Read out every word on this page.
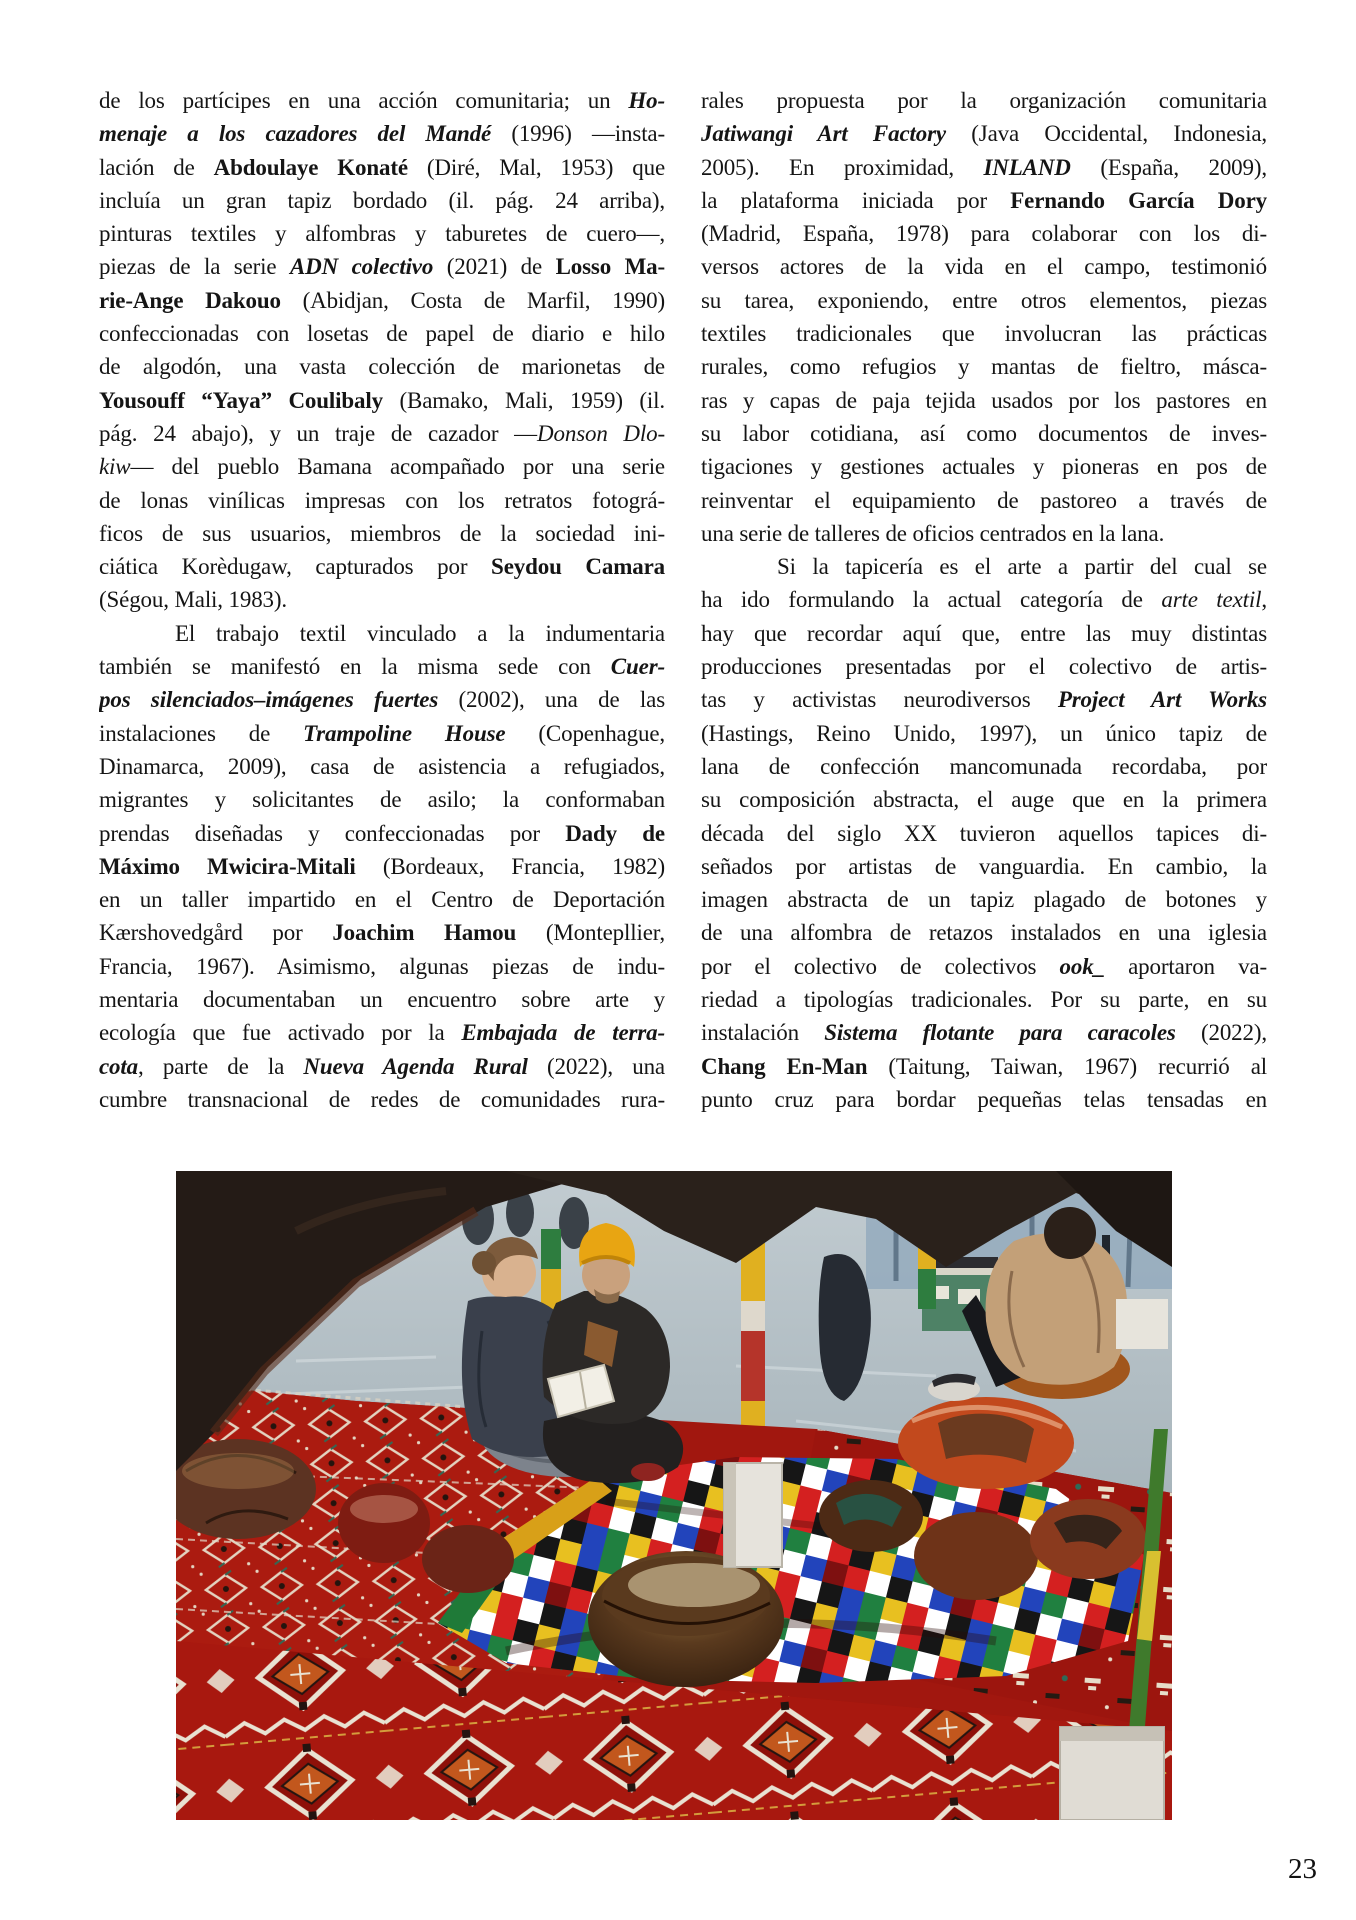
de los partícipes en una acción comunitaria; un Ho-
menaje a los cazadores del Mandé (1996) —insta-
lación de Abdoulaye Konaté (Diré, Mal, 1953) que
incluía un gran tapiz bordado (il. pág. 24 arriba),
pinturas textiles y alfombras y taburetes de cuero—,
piezas de la serie ADN colectivo (2021) de Losso Ma-
rie-Ange Dakouo (Abidjan, Costa de Marfil, 1990)
confeccionadas con losetas de papel de diario e hilo
de algodón, una vasta colección de marionetas de
Yousouff “Yaya” Coulibaly (Bamako, Mali, 1959) (il.
pág. 24 abajo), y un traje de cazador —Donson Dlo-
kiw— del pueblo Bamana acompañado por una serie
de lonas vinílicas impresas con los retratos fotográ-
ficos de sus usuarios, miembros de la sociedad ini-
ciática Korèdugaw, capturados por Seydou Camara
(Ségou, Mali, 1983).
El trabajo textil vinculado a la indumentaria
también se manifestó en la misma sede con Cuer-
pos silenciados–imágenes fuertes (2002), una de las
instalaciones de Trampoline House (Copenhague,
Dinamarca, 2009), casa de asistencia a refugiados,
migrantes y solicitantes de asilo; la conformaban
prendas diseñadas y confeccionadas por Dady de
Máximo Mwicira-Mitali (Bordeaux, Francia, 1982)
en un taller impartido en el Centro de Deportación
Kærshovedgård por Joachim Hamou (Montepllier,
Francia, 1967). Asimismo, algunas piezas de indu-
mentaria documentaban un encuentro sobre arte y
ecología que fue activado por la Embajada de terra-
cota, parte de la Nueva Agenda Rural (2022), una
cumbre transnacional de redes de comunidades rura-
rales propuesta por la organización comunitaria
Jatiwangi Art Factory (Java Occidental, Indonesia,
2005). En proximidad, INLAND (España, 2009),
la plataforma iniciada por Fernando García Dory
(Madrid, España, 1978) para colaborar con los di-
versos actores de la vida en el campo, testimonió
su tarea, exponiendo, entre otros elementos, piezas
textiles tradicionales que involucran las prácticas
rurales, como refugios y mantas de fieltro, másca-
ras y capas de paja tejida usados por los pastores en
su labor cotidiana, así como documentos de inves-
tigaciones y gestiones actuales y pioneras en pos de
reinventar el equipamiento de pastoreo a través de
una serie de talleres de oficios centrados en la lana.
Si la tapicería es el arte a partir del cual se
ha ido formulando la actual categoría de arte textil,
hay que recordar aquí que, entre las muy distintas
producciones presentadas por el colectivo de artis-
tas y activistas neurodiversos Project Art Works
(Hastings, Reino Unido, 1997), un único tapiz de
lana de confección mancomunada recordaba, por
su composición abstracta, el auge que en la primera
década del siglo XX tuvieron aquellos tapices di-
señados por artistas de vanguardia. En cambio, la
imagen abstracta de un tapiz plagado de botones y
de una alfombra de retazos instalados en una iglesia
por el colectivo de colectivos ook_ aportaron va-
riedad a tipologías tradicionales. Por su parte, en su
instalación Sistema flotante para caracoles (2022),
Chang En-Man (Taitung, Taiwan, 1967) recurrió al
punto cruz para bordar pequeñas telas tensadas en
23
